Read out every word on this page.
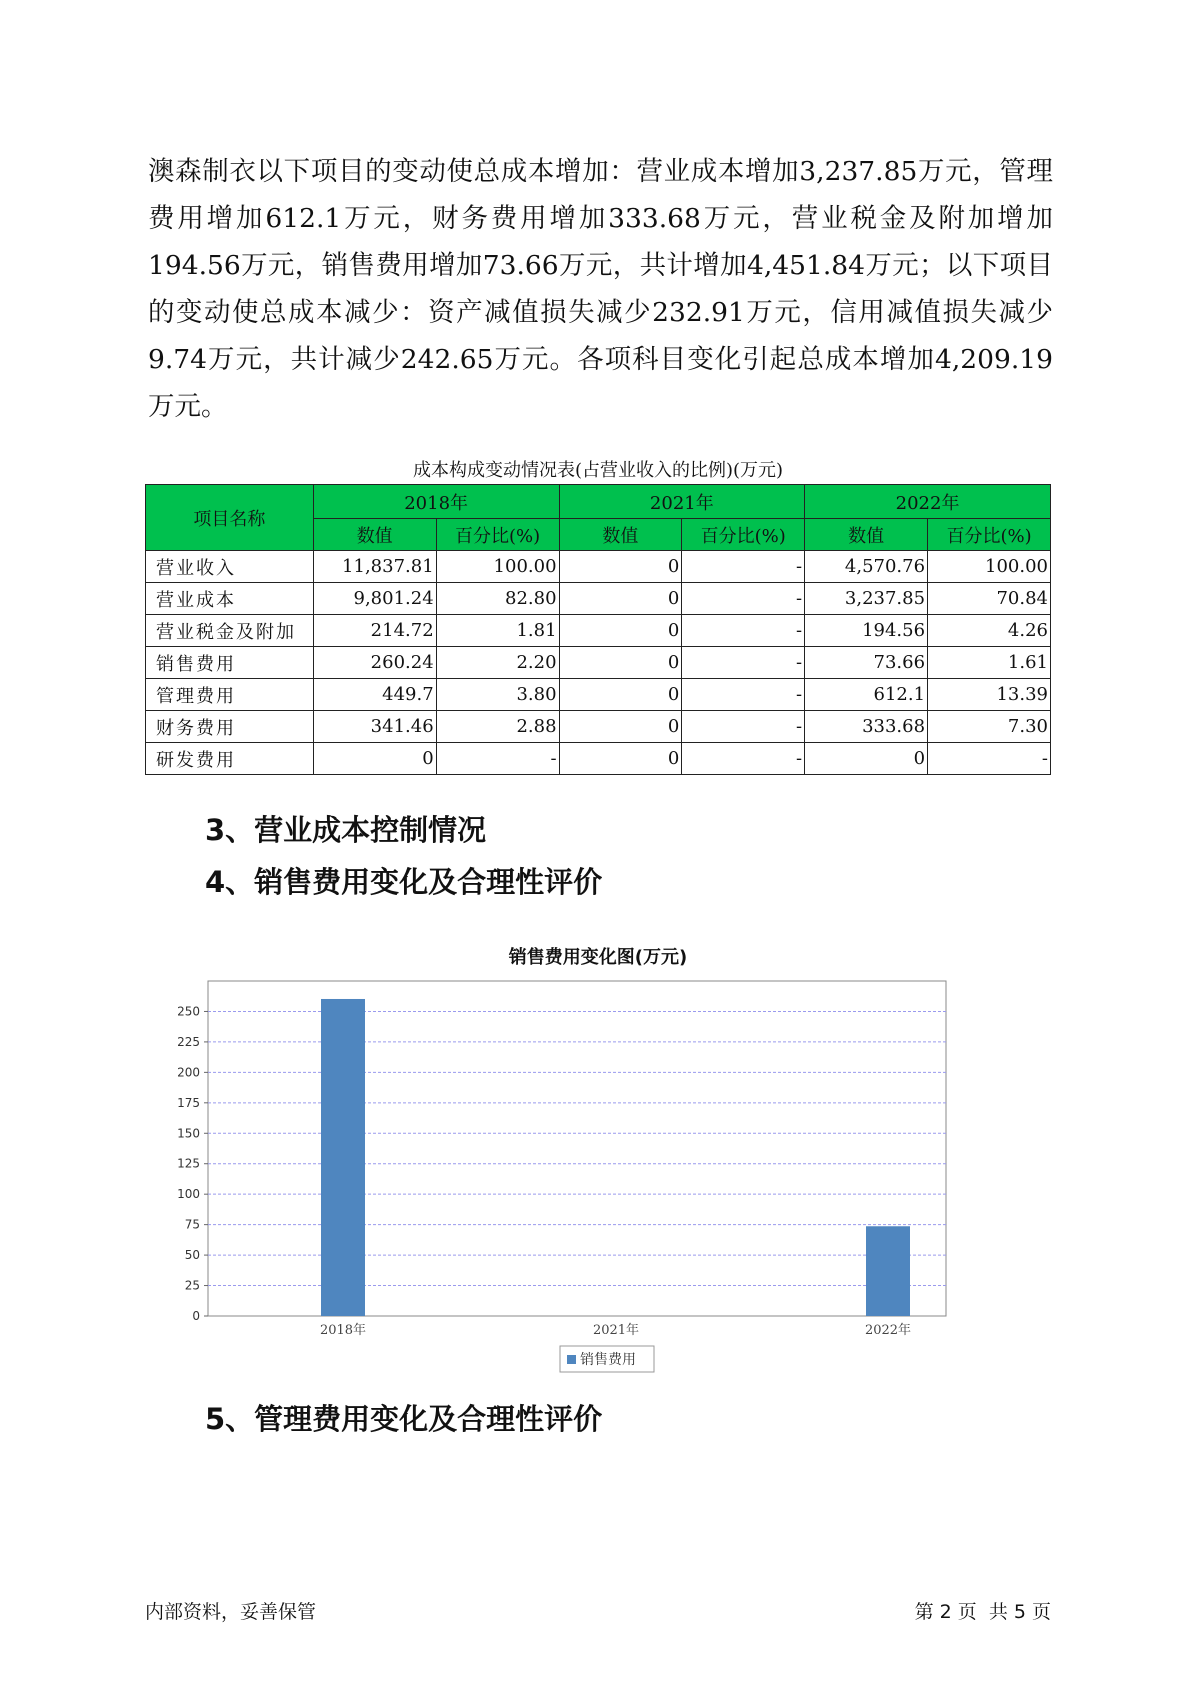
澳森制衣以下项目的变动使总成本增加：营业成本增加3,237.85万元，管理费用增加612.1万元，财务费用增加333.68万元，营业税金及附加增加194.56万元，销售费用增加73.66万元，共计增加4,451.84万元；以下项目的变动使总成本减少：资产减值损失减少232.91万元，信用减值损失减少9.74万元，共计减少242.65万元。各项科目变化引起总成本增加4,209.19万元。

成本构成变动情况表(占营业收入的比例)(万元)
项目名称	2018年		2021年		2022年	
	数值	百分比(%)	数值	百分比(%)	数值	百分比(%)
营业收入	11,837.81	100.00	0	-	4,570.76	100.00
营业成本	9,801.24	82.80	0	-	3,237.85	70.84
营业税金及附加	214.72	1.81	0	-	194.56	4.26
销售费用	260.24	2.20	0	-	73.66	1.61
管理费用	449.7	3.80	0	-	612.1	13.39
财务费用	341.46	2.88	0	-	333.68	7.30
研发费用	0	-	0	-	0	-
3、营业成本控制情况
4、销售费用变化及合理性评价
销售费用变化图(万元)
0
25
50
75
100
125
150
175
200
225
250
2018年	2021年	2022年
销售费用
5、管理费用变化及合理性评价
内部资料，妥善保管	第 2 页  共 5 页
